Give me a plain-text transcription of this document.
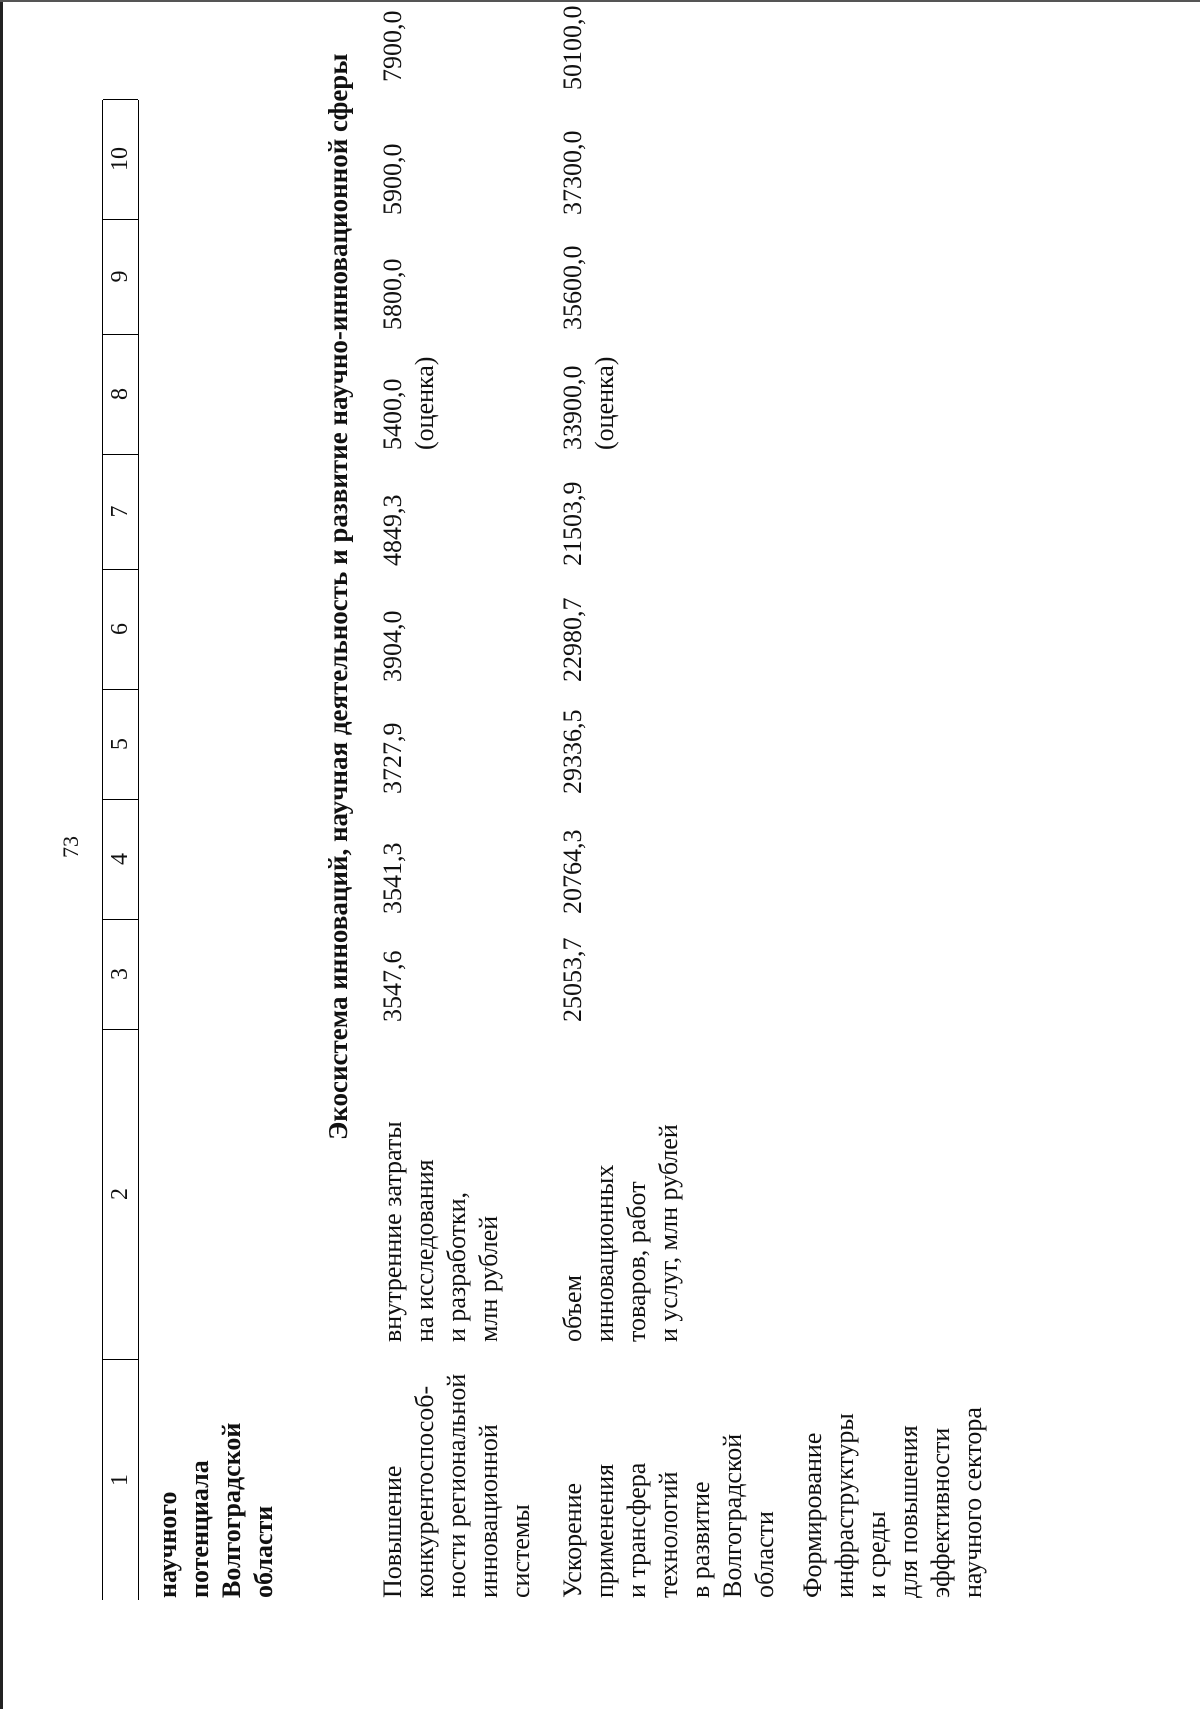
73
1
2
3
4
5
6
7
8
9
10
научного потенциала Волгоградской области
Экосистема инноваций, научная деятельность и развитие научно-инновационной сферы
Повышение конкурентоспособ- ности региональной инновационной системы
внутренние затраты на исследования и разработки, млн рублей
3547,6
3541,3
3727,9
3904,0
4849,3
5400,0 (оценка)
5800,0
5900,0
7900,0
Ускорение применения и трансфера технологий в развитие Волгоградской области
объем инновационных товаров, работ и услуг, млн рублей
25053,7
20764,3
29336,5
22980,7
21503,9
33900,0 (оценка)
35600,0
37300,0
50100,0
Формирование инфраструктуры и среды для повышения эффективности научного сектора
